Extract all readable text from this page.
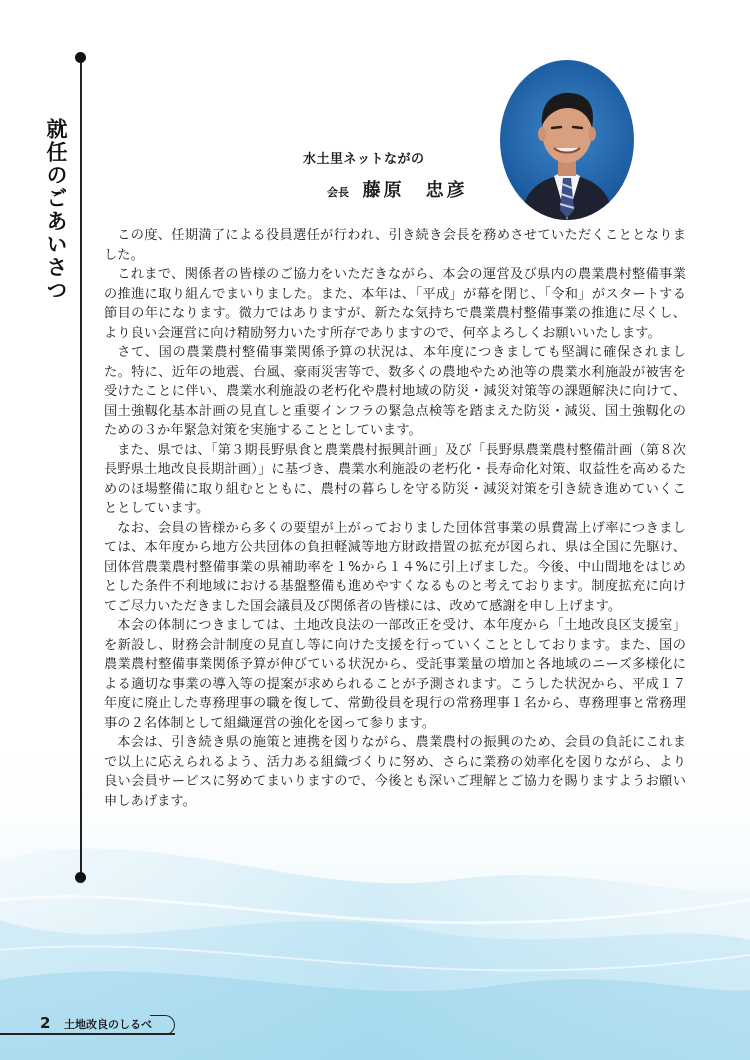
就任のごあいさつ	水土里ネットながの
会長 藤原　忠彦

この度、任期満了による役員選任が行われ、引き続き会長を務めさせていただくこととなりました。

これまで、関係者の皆様のご協力をいただきながら、本会の運営及び県内の農業農村整備事業の推進に取り組んでまいりました。また、本年は、「平成」が幕を閉じ、「令和」がスタートする節目の年になります。微力ではありますが、新たな気持ちで農業農村整備事業の推進に尽くし、より良い会運営に向け精励努力いたす所存でありますので、何卒よろしくお願いいたします。

さて、国の農業農村整備事業関係予算の状況は、本年度につきましても堅調に確保されました。特に、近年の地震、台風、豪雨災害等で、数多くの農地やため池等の農業水利施設が被害を受けたことに伴い、農業水利施設の老朽化や農村地域の防災・減災対策等の課題解決に向けて、国土強靱化基本計画の見直しと重要インフラの緊急点検等を踏まえた防災・減災、国土強靱化のための３か年緊急対策を実施することとしています。

また、県では、「第３期長野県食と農業農村振興計画」及び「長野県農業農村整備計画（第８次長野県土地改良長期計画）」に基づき、農業水利施設の老朽化・長寿命化対策、収益性を高めるためのほ場整備に取り組むとともに、農村の暮らしを守る防災・減災対策を引き続き進めていくこととしています。

なお、会員の皆様から多くの要望が上がっておりました団体営事業の県費嵩上げ率につきましては、本年度から地方公共団体の負担軽減等地方財政措置の拡充が図られ、県は全国に先駆け、団体営農業農村整備事業の県補助率を１%から１４%に引上げました。今後、中山間地をはじめとした条件不利地域における基盤整備も進めやすくなるものと考えております。制度拡充に向けてご尽力いただきました国会議員及び関係者の皆様には、改めて感謝を申し上げます。

本会の体制につきましては、土地改良法の一部改正を受け、本年度から「土地改良区支援室」を新設し、財務会計制度の見直し等に向けた支援を行っていくこととしております。また、国の農業農村整備事業関係予算が伸びている状況から、受託事業量の増加と各地域のニーズ多様化による適切な事業の導入等の提案が求められることが予測されます。こうした状況から、平成１７年度に廃止した専務理事の職を復して、常勤役員を現行の常務理事１名から、専務理事と常務理事の２名体制として組織運営の強化を図って参ります。

本会は、引き続き県の施策と連携を図りながら、農業農村の振興のため、会員の負託にこれまで以上に応えられるよう、活力ある組織づくりに努め、さらに業務の効率化を図りながら、より良い会員サービスに努めてまいりますので、今後とも深いご理解とご協力を賜りますようお願い申しあげます。

2 土地改良のしるべ
